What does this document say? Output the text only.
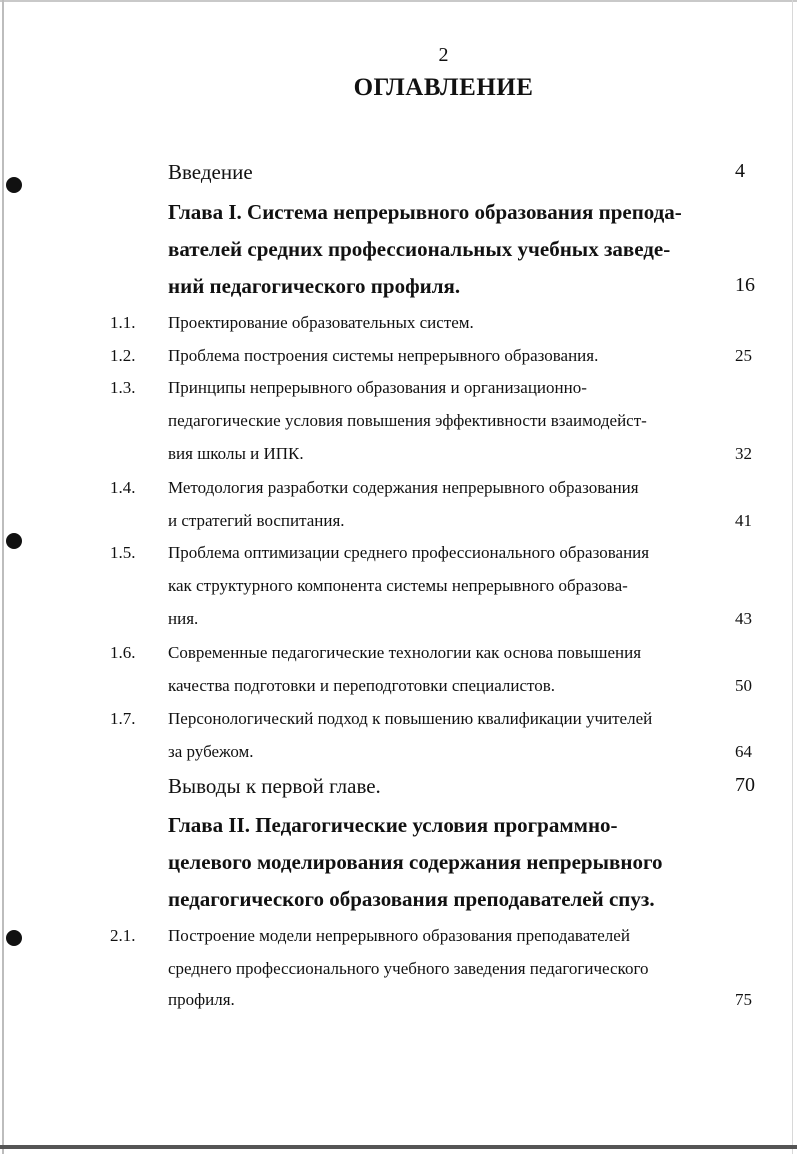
2
ОГЛАВЛЕНИЕ
Введение	4
Глава I. Система непрерывного образования препода-
вателей средних профессиональных учебных заведе-
ний педагогического профиля.	16
1.1. Проектирование образовательных систем.
1.2. Проблема построения системы непрерывного образования.	25
1.3. Принципы непрерывного образования и организационно-
педагогические условия повышения эффективности взаимодейст-
вия школы и ИПК.	32
1.4. Методология разработки содержания непрерывного образования
и стратегий воспитания.	41
1.5. Проблема оптимизации среднего профессионального образования
как структурного компонента системы непрерывного образова-
ния.	43
1.6. Современные педагогические технологии как основа повышения
качества подготовки и переподготовки специалистов.	50
1.7. Персонологический подход к повышению квалификации учителей
за рубежом.	64
Выводы к первой главе.	70
Глава II. Педагогические условия программно-
целевого моделирования содержания непрерывного
педагогического образования преподавателей спуз.
2.1. Построение модели непрерывного образования преподавателей
среднего профессионального учебного заведения педагогического
профиля.	75
